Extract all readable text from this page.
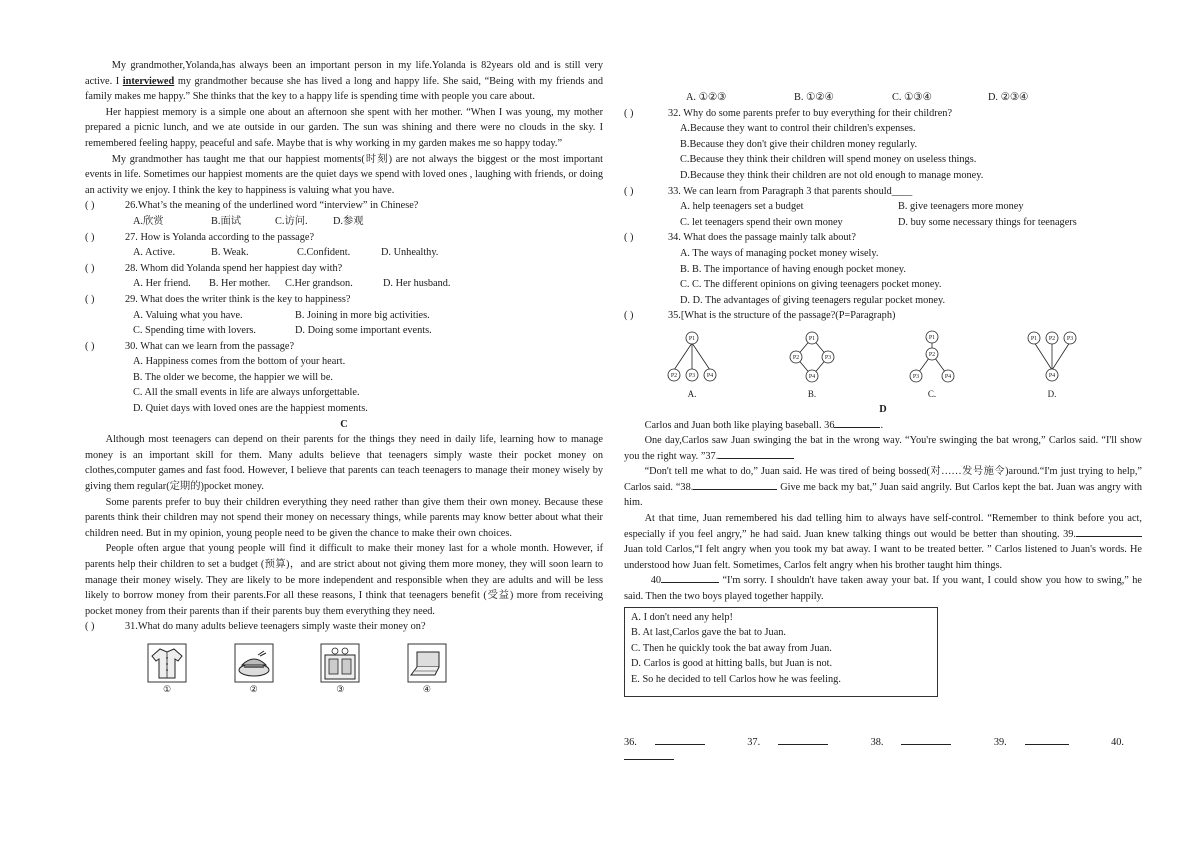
My grandmother,Yolanda,has always been an important person in my life.Yolanda is 82years old and is still very active. I interviewed my grandmother because she has lived a long and happy life. She said, “Being with my friends and family makes me happy.” She thinks that the key to a happy life is spending time with people you care about.

Her happiest memory is a simple one about an afternoon she spent with her mother. “When I was young, my mother prepared a picnic lunch, and we ate outside in our garden. The sun was shining and there were no clouds in the sky. I remembered feeling happy, peaceful and safe. Maybe that is why working in my garden makes me so happy today.”

My grandmother has taught me that our happiest moments(时刻) are not always the biggest or the most important events in life. Sometimes our happiest moments are the quiet days we spend with loved ones , laughing with friends, or doing an activity we enjoy. I think the key to happiness is valuing what you have.

( )	26.What’s the meaning of the underlined word “interview” in Chinese?

A.欣赏	B.面试	C.访问. D.参观

( )	27. How is Yolanda according to the passage?

A. Active.	B. Weak.	C.Confident.	D. Unhealthy.

( )	28. Whom did Yolanda spend her happiest day with?

A. Her friend. B. Her mother. C.Her grandson.	D. Her husband.

( )	29. What does the writer think is the key to happiness?

A. Valuing what you have.	B. Joining in more big activities.

C. Spending time with lovers.	D. Doing some important events.

( )	30. What can we learn from the passage?

A. Happiness comes from the bottom of your heart.

B. The older we become, the happier we will be.

C. All the small events in life are always unforgettable.

D. Quiet days with loved ones are the happiest moments.

C

Although most teenagers can depend on their parents for the things they need in daily life, learning how to manage money is an important skill for them. Many adults believe that teenagers simply waste their pocket money on clothes,computer games and fast food. However, I believe that parents can teach teenagers to manage their money wisely by giving them regular(定期的)pocket money.

Some parents prefer to buy their children everything they need rather than give them their own money. Because these parents think their children may not spend their money on necessary things, while parents may know better about what their children need. But in my opinion, young people need to be given the chance to make their own choices.

People often argue that young people will find it difficult to make their money last for a whole month. However, if parents help their children to set a budget (预算)，and are strict about not giving them more money, they will soon learn to manage their money wisely. They are likely to be more independent and responsible when they are adults and will be less likely to borrow money from their parents.For all these reasons, I think that teenagers benefit (受益) more from receiving pocket money from their parents than if their parents buy them everything they need.

( )	31.What do many adults believe teenagers simply waste their money on?

①	②	③	④

A. ①②③	B. ①②④	C. ①③④	D. ②③④

( )	32. Why do some parents prefer to buy everything for their children?

A.Because they want to control their children's expenses.

B.Because they don't give their children money regularly.

C.Because they think their children will spend money on useless things.

D.Because they think their children are not old enough to manage money.

( )	33. We can learn from Paragraph 3 that parents should____

A. help teenagers set a budget	B. give teenagers more money

C. let teenagers spend their own money	D. buy some necessary things for teenagers

( )	34. What does the passage mainly talk about?

A. The ways of managing pocket money wisely.

B. B. The importance of having enough pocket money.

C. C. The different opinions on giving teenagers pocket money.

D. D. The advantages of giving teenagers regular pocket money.

( )	35.[What is the structure of the passage?(P=Paragraph)

P1
P2 P3 P4
A.
P1
P2	P3
P4
B.
P1
P2
P3	P4
C.
P1 P2 P3
P4
D.

D

Carlos and Juan both like playing baseball. 36	.

One day,Carlos saw Juan swinging the bat in the wrong way. “You're swinging the bat wrong,” Carlos said. “I'll show you the right way. ”37.

“Don't tell me what to do,” Juan said. He was tired of being bossed(对……发号施令)around.“I'm just trying to help,” Carlos said. “38.	Give me back my bat,” Juan said angrily. But Carlos kept the bat. Juan was angry with him.

At that time, Juan remembered his dad telling him to always have self-control. “Remember to think before you act, especially if you feel angry,” he had said. Juan knew talking things out would be better than shouting. 39. Juan told Carlos,“I felt angry when you took my bat away. I want to be treated better. ” Carlos listened to Juan's words. He understood how Juan felt. Sometimes, Carlos felt angry when his brother taught him things.

40	“I'm sorry. I shouldn't have taken away your bat. If you want, I could show you how to swing,” he said. Then the two boys played together happily.

A. I don't need any help!

B. At last,Carlos gave the bat to Juan.

C. Then he quickly took the bat away from Juan.

D. Carlos is good at hitting balls, but Juan is not.

E. So he decided to tell Carlos how he was feeling.

36.	37.	38.	39.	40.
